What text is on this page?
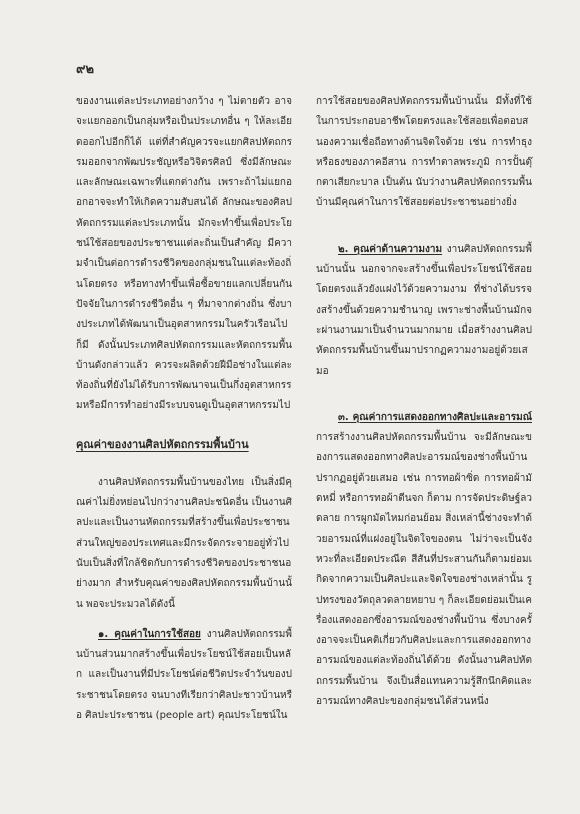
๙๒

ของงานแต่ละประเภทอย่างกว้าง ๆ ไม่ตายตัว อาจจะแยกออกเป็นกลุ่มหรือเป็นประเภทอื่น ๆ ให้ละเอียดออกไปอีกก็ได้ แต่ที่สำคัญควรจะแยกศิลปหัตถกรรมออกจากพัฒประชัญหรือวิจิตรศิลป์ ซึ่งมีลักษณะและลักษณะเฉพาะที่แตกต่างกัน เพราะถ้าไม่แยกออกอาจจะทำให้เกิดความสับสนได้ ลักษณะของศิลปหัตถกรรมแต่ละประเภทนั้น มักจะทำขึ้นเพื่อประโยชน์ใช้สอยของประชาชนแต่ละถิ่นเป็นสำคัญ มีความจำเป็นต่อการดำรงชีวิตของกลุ่มชนในแต่ละท้องถิ่นโดยตรง หรือทางทำขึ้นเพื่อซื้อขายแลกเปลี่ยนกัน ปัจจัยในการดำรงชีวิตอื่น ๆ ที่มาจากต่างถิ่น ซึ่งบางประเภทได้พัฒนาเป็นอุตสาหกรรมในครัวเรือนไปก็มี ดังนั้นประเภทศิลปหัตถกรรมและหัตถกรรมพื้นบ้านดังกล่าวแล้ว ควรจะผลิตด้วยฝีมือช่างในแต่ละท้องถิ่นที่ยังไม่ได้รับการพัฒนาจนเป็นกึ่งอุตสาหกรรมหรือมีการทำอย่างมีระบบจนดูเป็นอุตสาหกรรมไป

คุณค่าของงานศิลปหัตถกรรมพื้นบ้าน

งานศิลปหัตถกรรมพื้นบ้านของไทย เป็นสิ่งมีคุณค่าไม่ยิ่งหย่อนไปกว่างานศิลปะชนิดอื่น เป็นงานศิลปะและเป็นงานหัตถกรรมที่สร้างขึ้นเพื่อประชาชนส่วนใหญ่ของประเทศและมีกระจัดกระจายอยู่ทั่วไป นับเป็นสิ่งที่ใกล้ชิดกับการดำรงชีวิตของประชาชนอย่างมาก สำหรับคุณค่าของศิลปหัตถกรรมพื้นบ้านนั้น พอจะประมวลได้ดังนี้

๑. คุณค่าในการใช้สอย งานศิลปหัตถกรรมพื้นบ้านส่วนมากสร้างขึ้นเพื่อประโยชน์ใช้สอยเป็นหลัก และเป็นงานที่มีประโยชน์ต่อชีวิตประจำวันของประชาชนโดยตรง จนบางทีเรียกว่าศิลปะชาวบ้านหรือ ศิลปะประชาชน (people art) คุณประโยชน์ใน

การใช้สอยของศิลปหัตถกรรมพื้นบ้านนั้น มีทั้งที่ใช้ในการประกอบอาชีพโดยตรงและใช้สอยเพื่อตอบสนองความเชื่อถือทางด้านจิตใจด้วย เช่น การทำธุงหรือธงของภาคอีสาน การทำตาลพระภูมิ การปั้นตุ๊กตาเสียกะบาล เป็นต้น นับว่างานศิลปหัตถกรรมพื้นบ้านมีคุณค่าในการใช้สอยต่อประชาชนอย่างยิ่ง

๒. คุณค่าด้านความงาม งานศิลปหัตถกรรมพื้นบ้านนั้น นอกจากจะสร้างขึ้นเพื่อประโยชน์ใช้สอยโดยตรงแล้วยังแฝงไว้ด้วยความงาม ที่ช่างได้บรรจงสร้างขึ้นด้วยความชำนาญ เพราะช่างพื้นบ้านมักจะผ่านงานมาเป็นจำนวนมากมาย เมื่อสร้างงานศิลปหัตถกรรมพื้นบ้านขึ้นมาปรากฏความงามอยู่ด้วยเสมอ

๓. คุณค่าการแสดงออกทางศิลปะและอารมณ์ การสร้างงานศิลปหัตถกรรมพื้นบ้าน จะมีลักษณะของการแสดงออกทางศิลปะอารมณ์ของช่างพื้นบ้านปรากฏอยู่ด้วยเสมอ เช่น การทอผ้าซิ่ด การทอผ้ามัดหมี่ หรือการทอผ้าตีนจก ก็ตาม การจัดประดิษฐ์ลวดลาย การผูกมัดไหมก่อนย้อม สิ่งเหล่านี้ช่างจะทำด้วยอารมณ์ที่แฝงอยู่ในจิตใจของตน ไม่ว่าจะเป็นจังหวะที่ละเอียดประณีต สีสันที่ประสานกันก็ตามย่อมเกิดจากความเป็นศิลปะและจิตใจของช่างเหล่านั้น รูปทรงของวัตถุลวดลายหยาบ ๆ ก็ละเอียดย่อมเป็นเครื่องแสดงออกซึ่งอารมณ์ของช่างพื้นบ้าน ซึ่งบางครั้งอาจจะเป็นคติเกี่ยวกับศิลปะและการแสดงออกทางอารมณ์ของแต่ละท้องถิ่นได้ด้วย ดังนั้นงานศิลปหัตถกรรมพื้นบ้าน จึงเป็นสื่อแทนความรู้สึกนึกคิดและอารมณ์ทางศิลปะของกลุ่มชนได้ส่วนหนึ่ง
